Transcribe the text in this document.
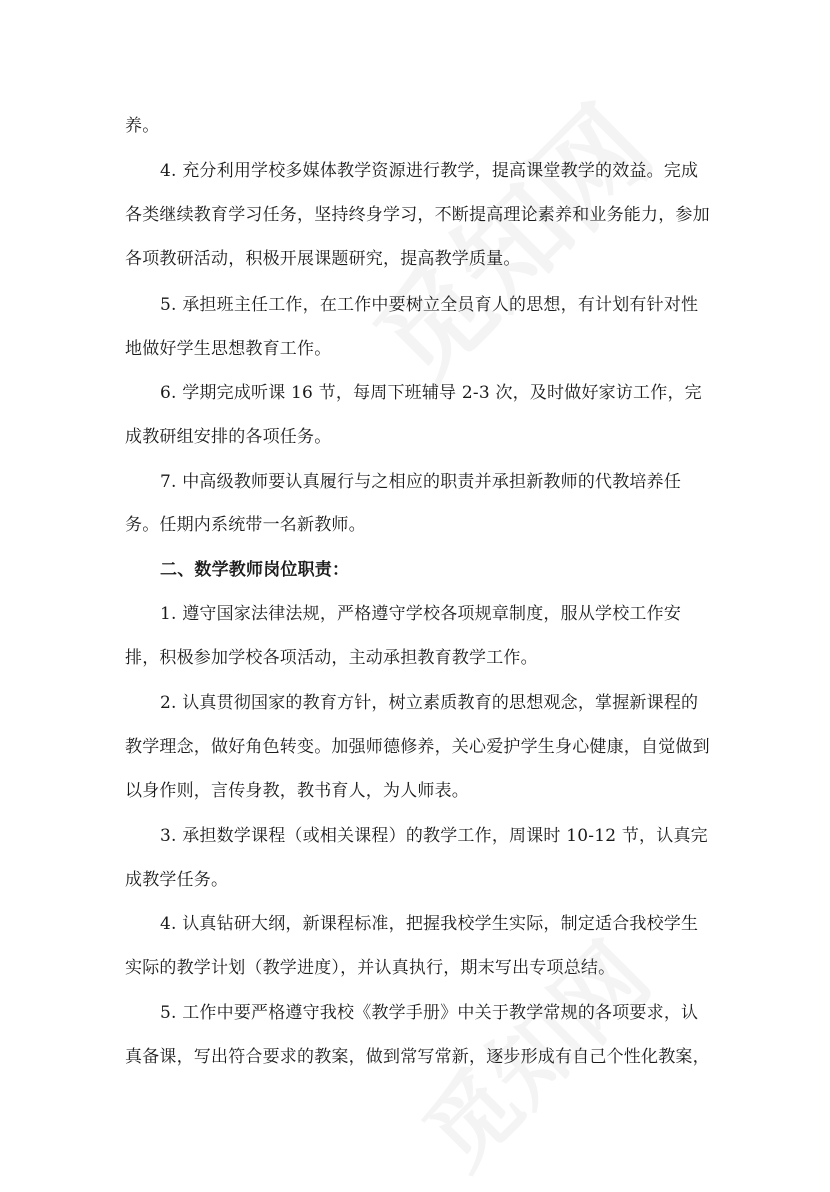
养。
4. 充分利用学校多媒体教学资源进行教学，提高课堂教学的效益。完成
各类继续教育学习任务，坚持终身学习，不断提高理论素养和业务能力，参加
各项教研活动，积极开展课题研究，提高教学质量。
5. 承担班主任工作，在工作中要树立全员育人的思想，有计划有针对性
地做好学生思想教育工作。
6. 学期完成听课 16 节，每周下班辅导 2-3 次，及时做好家访工作，完
成教研组安排的各项任务。
7. 中高级教师要认真履行与之相应的职责并承担新教师的代教培养任
务。任期内系统带一名新教师。
二、数学教师岗位职责：
1. 遵守国家法律法规，严格遵守学校各项规章制度，服从学校工作安
排，积极参加学校各项活动，主动承担教育教学工作。
2. 认真贯彻国家的教育方针，树立素质教育的思想观念，掌握新课程的
教学理念，做好角色转变。加强师德修养，关心爱护学生身心健康，自觉做到
以身作则，言传身教，教书育人，为人师表。
3. 承担数学课程（或相关课程）的教学工作，周课时 10-12 节，认真完
成教学任务。
4. 认真钻研大纲，新课程标准，把握我校学生实际，制定适合我校学生
实际的教学计划（教学进度），并认真执行，期末写出专项总结。
5. 工作中要严格遵守我校《教学手册》中关于教学常规的各项要求，认
真备课，写出符合要求的教案，做到常写常新，逐步形成有自己个性化教案，
